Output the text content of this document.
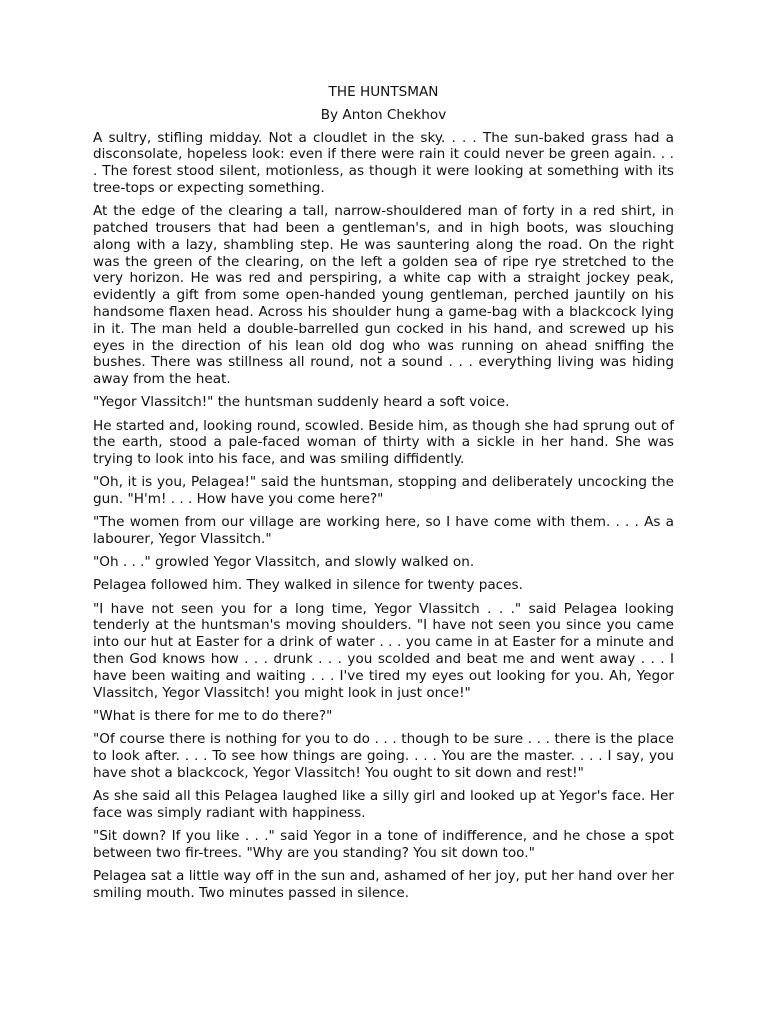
THE HUNTSMAN
By Anton Chekhov

A sultry, stifling midday. Not a cloudlet in the sky. . . . The sun-baked grass had a disconsolate, hopeless look: even if there were rain it could never be green again. . . . The forest stood silent, motionless, as though it were looking at something with its tree-tops or expecting something.

At the edge of the clearing a tall, narrow-shouldered man of forty in a red shirt, in patched trousers that had been a gentleman's, and in high boots, was slouching along with a lazy, shambling step. He was sauntering along the road. On the right was the green of the clearing, on the left a golden sea of ripe rye stretched to the very horizon. He was red and perspiring, a white cap with a straight jockey peak, evidently a gift from some open-handed young gentleman, perched jauntily on his handsome flaxen head. Across his shoulder hung a game-bag with a blackcock lying in it. The man held a double-barrelled gun cocked in his hand, and screwed up his eyes in the direction of his lean old dog who was running on ahead sniffing the bushes. There was stillness all round, not a sound . . . everything living was hiding away from the heat.

"Yegor Vlassitch!" the huntsman suddenly heard a soft voice.

He started and, looking round, scowled. Beside him, as though she had sprung out of the earth, stood a pale-faced woman of thirty with a sickle in her hand. She was trying to look into his face, and was smiling diffidently.

"Oh, it is you, Pelagea!" said the huntsman, stopping and deliberately uncocking the gun. "H'm! . . . How have you come here?"

"The women from our village are working here, so I have come with them. . . . As a labourer, Yegor Vlassitch."

"Oh . . ." growled Yegor Vlassitch, and slowly walked on.

Pelagea followed him. They walked in silence for twenty paces.

"I have not seen you for a long time, Yegor Vlassitch . . ." said Pelagea looking tenderly at the huntsman's moving shoulders. "I have not seen you since you came into our hut at Easter for a drink of water . . . you came in at Easter for a minute and then God knows how . . . drunk . . . you scolded and beat me and went away . . . I have been waiting and waiting . . . I've tired my eyes out looking for you. Ah, Yegor Vlassitch, Yegor Vlassitch! you might look in just once!"

"What is there for me to do there?"

"Of course there is nothing for you to do . . . though to be sure . . . there is the place to look after. . . . To see how things are going. . . . You are the master. . . . I say, you have shot a blackcock, Yegor Vlassitch! You ought to sit down and rest!"

As she said all this Pelagea laughed like a silly girl and looked up at Yegor's face. Her face was simply radiant with happiness.

"Sit down? If you like . . ." said Yegor in a tone of indifference, and he chose a spot between two fir-trees. "Why are you standing? You sit down too."

Pelagea sat a little way off in the sun and, ashamed of her joy, put her hand over her smiling mouth. Two minutes passed in silence.
